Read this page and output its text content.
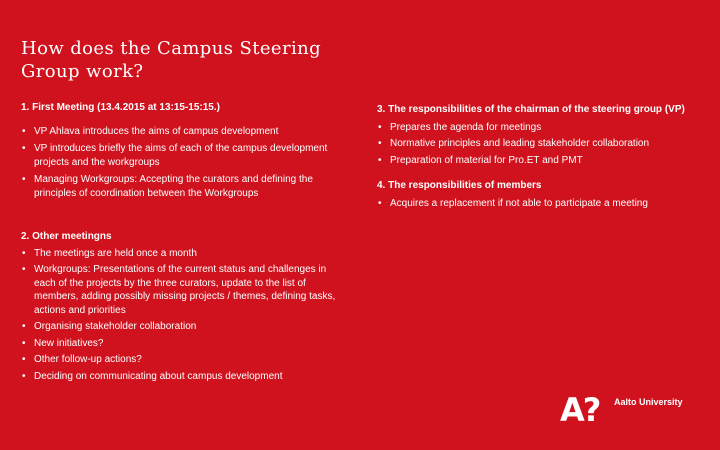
How does the Campus Steering Group work?

1. First Meeting (13.4.2015 at 13:15-15:15.)

• VP Ahlava introduces the aims of campus development
• VP introduces briefly the aims of each of the campus development projects and the workgroups
• Managing Workgroups: Accepting the curators and defining the principles of coordination between the Workgroups

2. Other meetingns

• The meetings are held once a month
• Workgroups: Presentations of the current status and challenges in each of the projects by the three curators, update to the list of members, adding possibly missing projects / themes, defining tasks, actions and priorities
• Organising stakeholder collaboration
• New initiatives?
• Other follow-up actions?
• Deciding on communicating about campus development

3. The responsibilities of the chairman of the steering group (VP)

• Prepares the agenda for meetings
• Normative principles and leading stakeholder collaboration
• Preparation of material for Pro.ET and PMT

4. The responsibilities of members

• Acquires a replacement if not able to participate a meeting
A? Aalto University
